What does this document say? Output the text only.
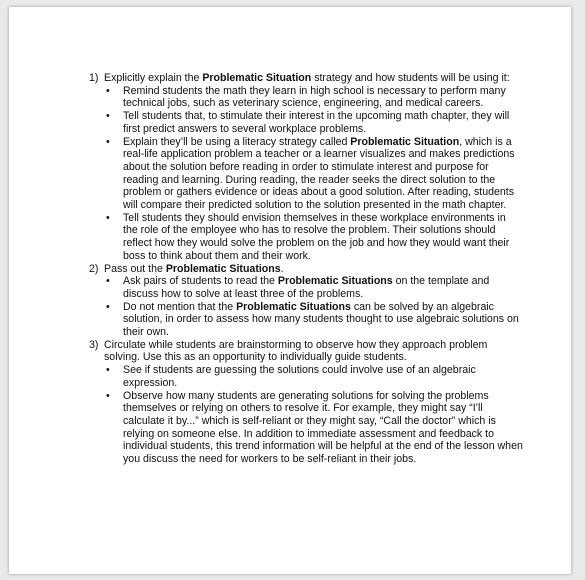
1) Explicitly explain the Problematic Situation strategy and how students will be using it:
• Remind students the math they learn in high school is necessary to perform many technical jobs, such as veterinary science, engineering, and medical careers.
• Tell students that, to stimulate their interest in the upcoming math chapter, they will first predict answers to several workplace problems.
• Explain they’ll be using a literacy strategy called Problematic Situation, which is a real-life application problem a teacher or a learner visualizes and makes predictions about the solution before reading in order to stimulate interest and purpose for reading and learning. During reading, the reader seeks the direct solution to the problem or gathers evidence or ideas about a good solution. After reading, students will compare their predicted solution to the solution presented in the math chapter.
• Tell students they should envision themselves in these workplace environments in the role of the employee who has to resolve the problem. Their solutions should reflect how they would solve the problem on the job and how they would want their boss to think about them and their work.
2) Pass out the Problematic Situations.
• Ask pairs of students to read the Problematic Situations on the template and discuss how to solve at least three of the problems.
• Do not mention that the Problematic Situations can be solved by an algebraic solution, in order to assess how many students thought to use algebraic solutions on their own.
3) Circulate while students are brainstorming to observe how they approach problem solving. Use this as an opportunity to individually guide students.
• See if students are guessing the solutions could involve use of an algebraic expression.
• Observe how many students are generating solutions for solving the problems themselves or relying on others to resolve it. For example, they might say “I’ll calculate it by...” which is self-reliant or they might say, “Call the doctor” which is relying on someone else. In addition to immediate assessment and feedback to individual students, this trend information will be helpful at the end of the lesson when you discuss the need for workers to be self-reliant in their jobs.
